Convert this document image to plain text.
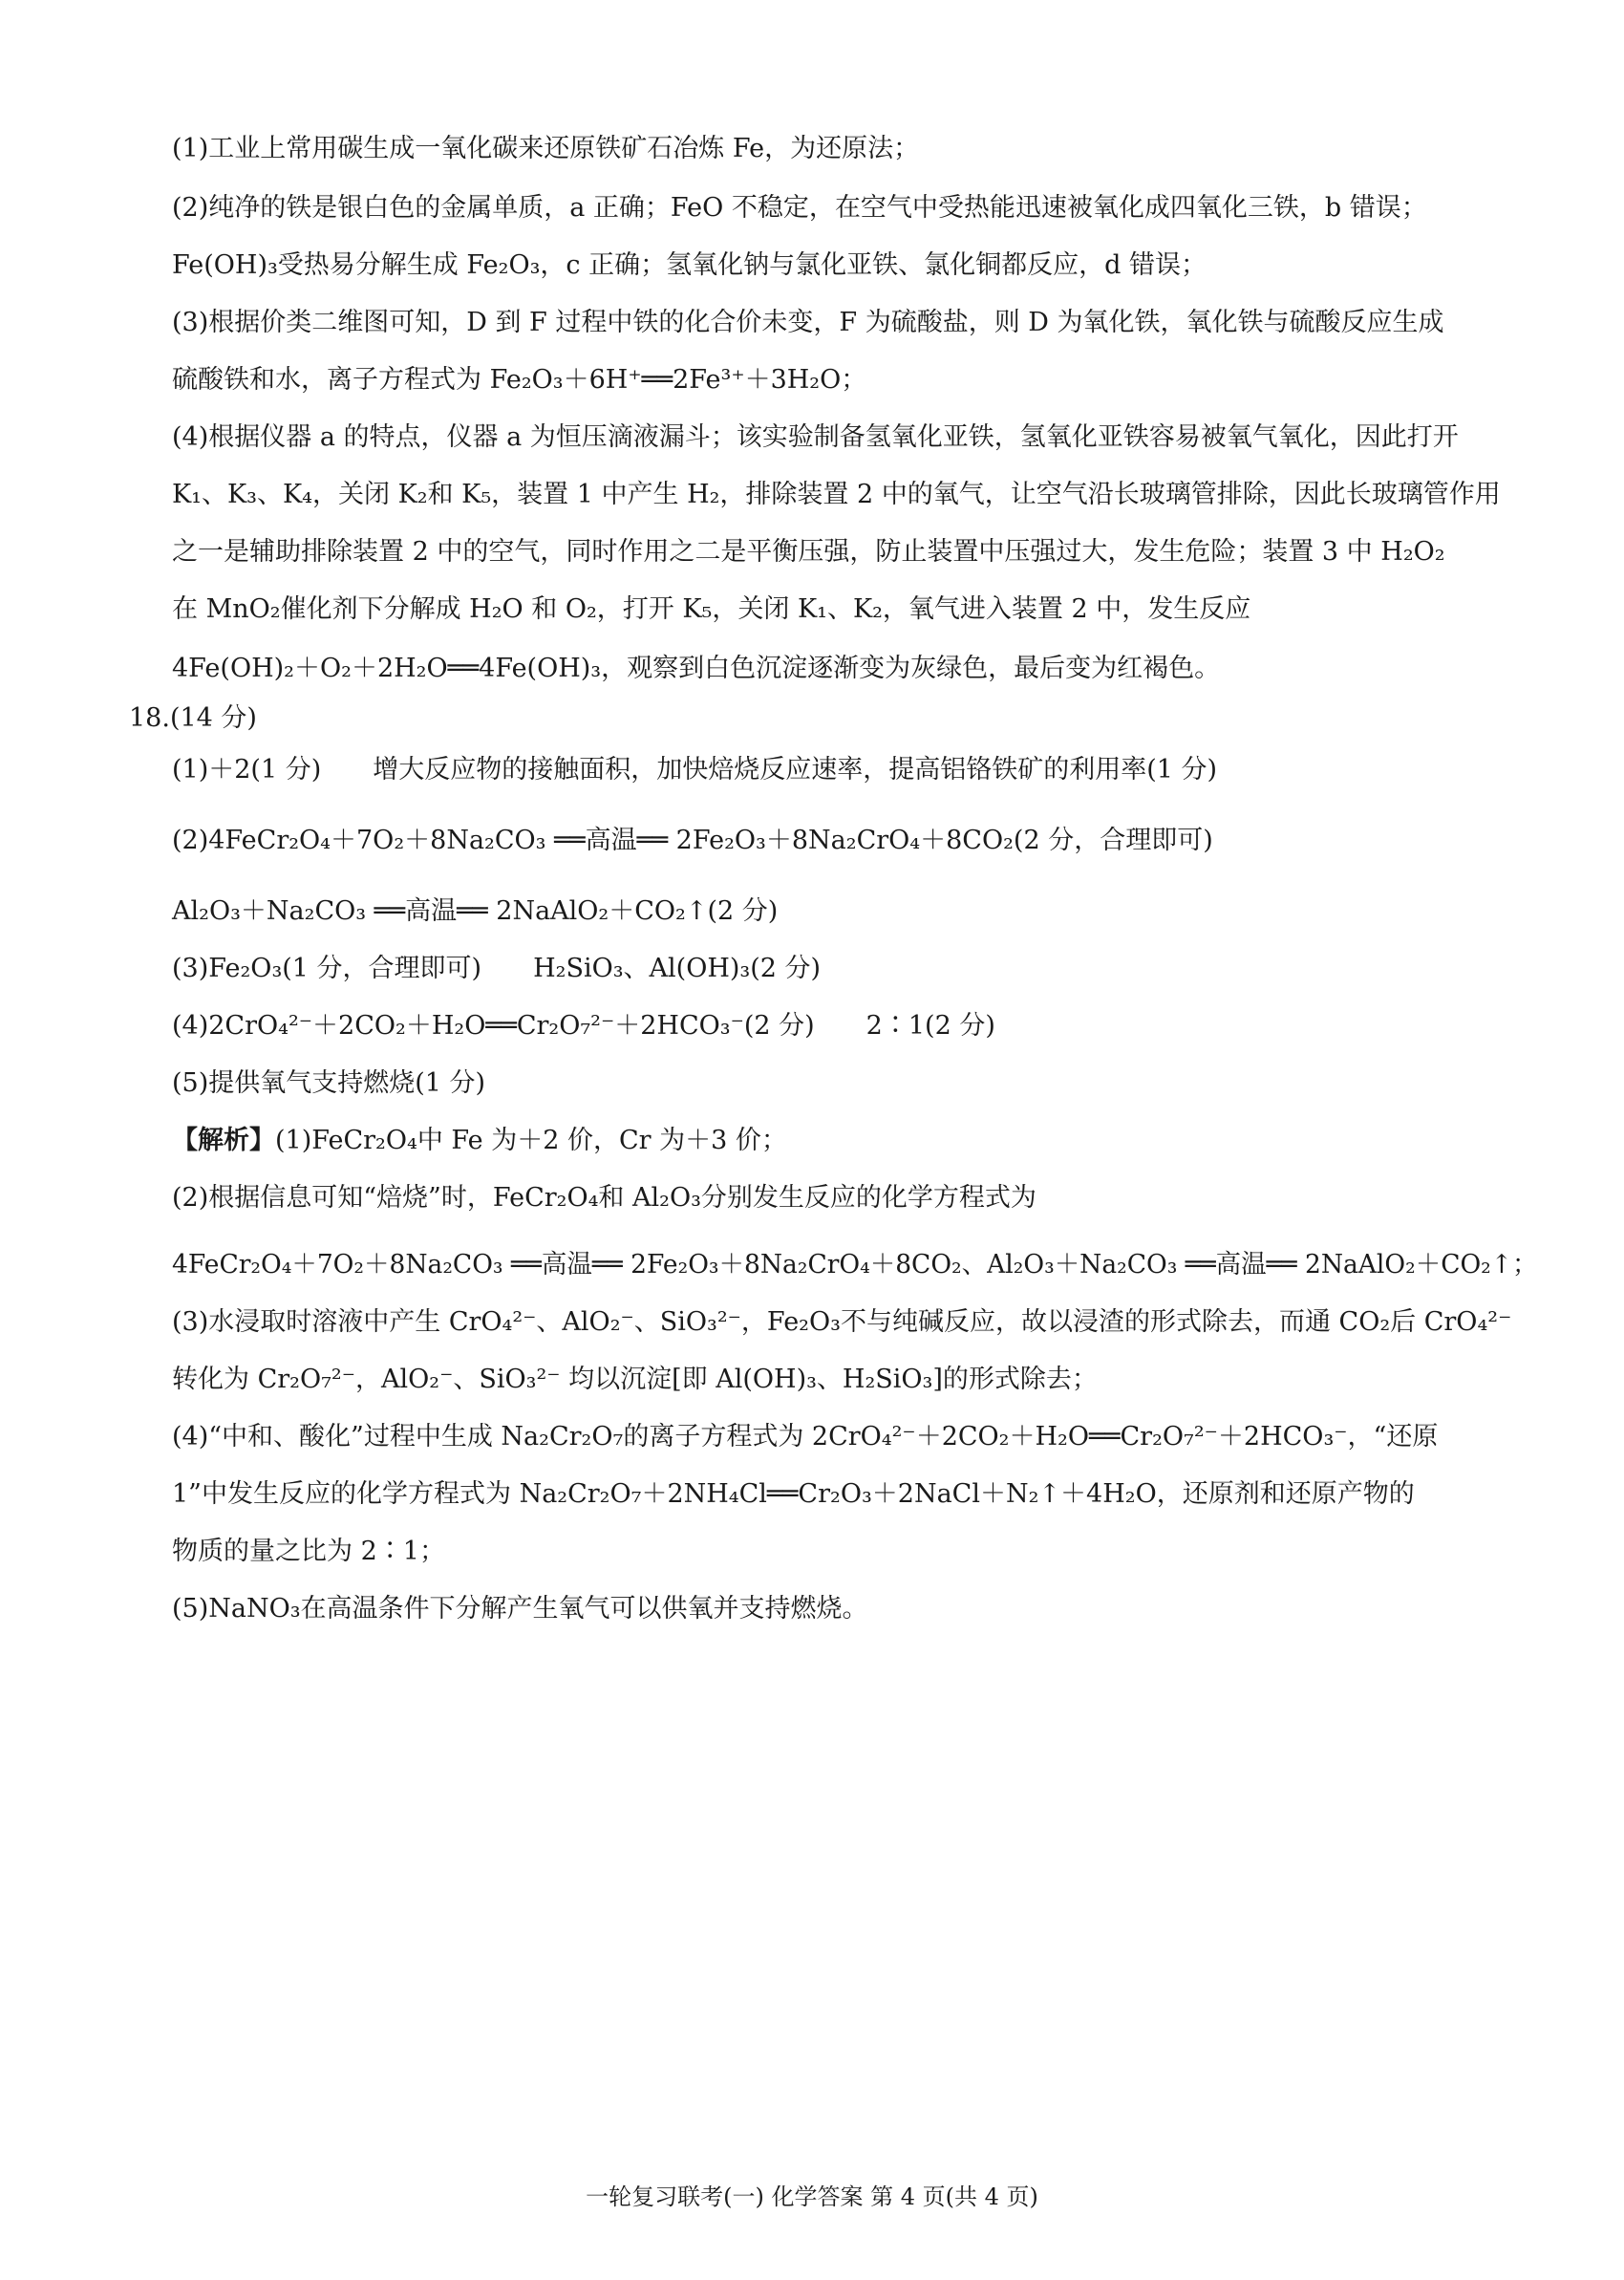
(1)工业上常用碳生成一氧化碳来还原铁矿石冶炼 Fe，为还原法；
(2)纯净的铁是银白色的金属单质，a 正确；FeO 不稳定，在空气中受热能迅速被氧化成四氧化三铁，b 错误；
Fe(OH)₃受热易分解生成 Fe₂O₃，c 正确；氢氧化钠与氯化亚铁、氯化铜都反应，d 错误；
(3)根据价类二维图可知，D 到 F 过程中铁的化合价未变，F 为硫酸盐，则 D 为氧化铁，氧化铁与硫酸反应生成
硫酸铁和水，离子方程式为 Fe₂O₃＋6H⁺══2Fe³⁺＋3H₂O；
(4)根据仪器 a 的特点，仪器 a 为恒压滴液漏斗；该实验制备氢氧化亚铁，氢氧化亚铁容易被氧气氧化，因此打开
K₁、K₃、K₄，关闭 K₂和 K₅，装置 1 中产生 H₂，排除装置 2 中的氧气，让空气沿长玻璃管排除，因此长玻璃管作用
之一是辅助排除装置 2 中的空气，同时作用之二是平衡压强，防止装置中压强过大，发生危险；装置 3 中 H₂O₂
在 MnO₂催化剂下分解成 H₂O 和 O₂，打开 K₅，关闭 K₁、K₂，氧气进入装置 2 中，发生反应
4Fe(OH)₂＋O₂＋2H₂O══4Fe(OH)₃，观察到白色沉淀逐渐变为灰绿色，最后变为红褐色。
18.(14 分)
(1)＋2(1 分)　　增大反应物的接触面积，加快焙烧反应速率，提高铝铬铁矿的利用率(1 分)
(2)4FeCr₂O₄＋7O₂＋8Na₂CO₃ ══高温══ 2Fe₂O₃＋8Na₂CrO₄＋8CO₂(2 分，合理即可)
Al₂O₃＋Na₂CO₃ ══高温══ 2NaAlO₂＋CO₂↑(2 分)
(3)Fe₂O₃(1 分，合理即可)　　H₂SiO₃、Al(OH)₃(2 分)
(4)2CrO₄²⁻＋2CO₂＋H₂O══Cr₂O₇²⁻＋2HCO₃⁻(2 分)　　2∶1(2 分)
(5)提供氧气支持燃烧(1 分)
【解析】(1)FeCr₂O₄中 Fe 为＋2 价，Cr 为＋3 价；
(2)根据信息可知“焙烧”时，FeCr₂O₄和 Al₂O₃分别发生反应的化学方程式为
4FeCr₂O₄＋7O₂＋8Na₂CO₃ ══高温══ 2Fe₂O₃＋8Na₂CrO₄＋8CO₂、Al₂O₃＋Na₂CO₃ ══高温══ 2NaAlO₂＋CO₂↑；
(3)水浸取时溶液中产生 CrO₄²⁻、AlO₂⁻、SiO₃²⁻，Fe₂O₃不与纯碱反应，故以浸渣的形式除去，而通 CO₂后 CrO₄²⁻
转化为 Cr₂O₇²⁻，AlO₂⁻、SiO₃²⁻ 均以沉淀[即 Al(OH)₃、H₂SiO₃]的形式除去；
(4)“中和、酸化”过程中生成 Na₂Cr₂O₇的离子方程式为 2CrO₄²⁻＋2CO₂＋H₂O══Cr₂O₇²⁻＋2HCO₃⁻，“还原
1”中发生反应的化学方程式为 Na₂Cr₂O₇＋2NH₄Cl══Cr₂O₃＋2NaCl＋N₂↑＋4H₂O，还原剂和还原产物的
物质的量之比为 2∶1；
(5)NaNO₃在高温条件下分解产生氧气可以供氧并支持燃烧。
一轮复习联考(一) 化学答案 第 4 页(共 4 页)
